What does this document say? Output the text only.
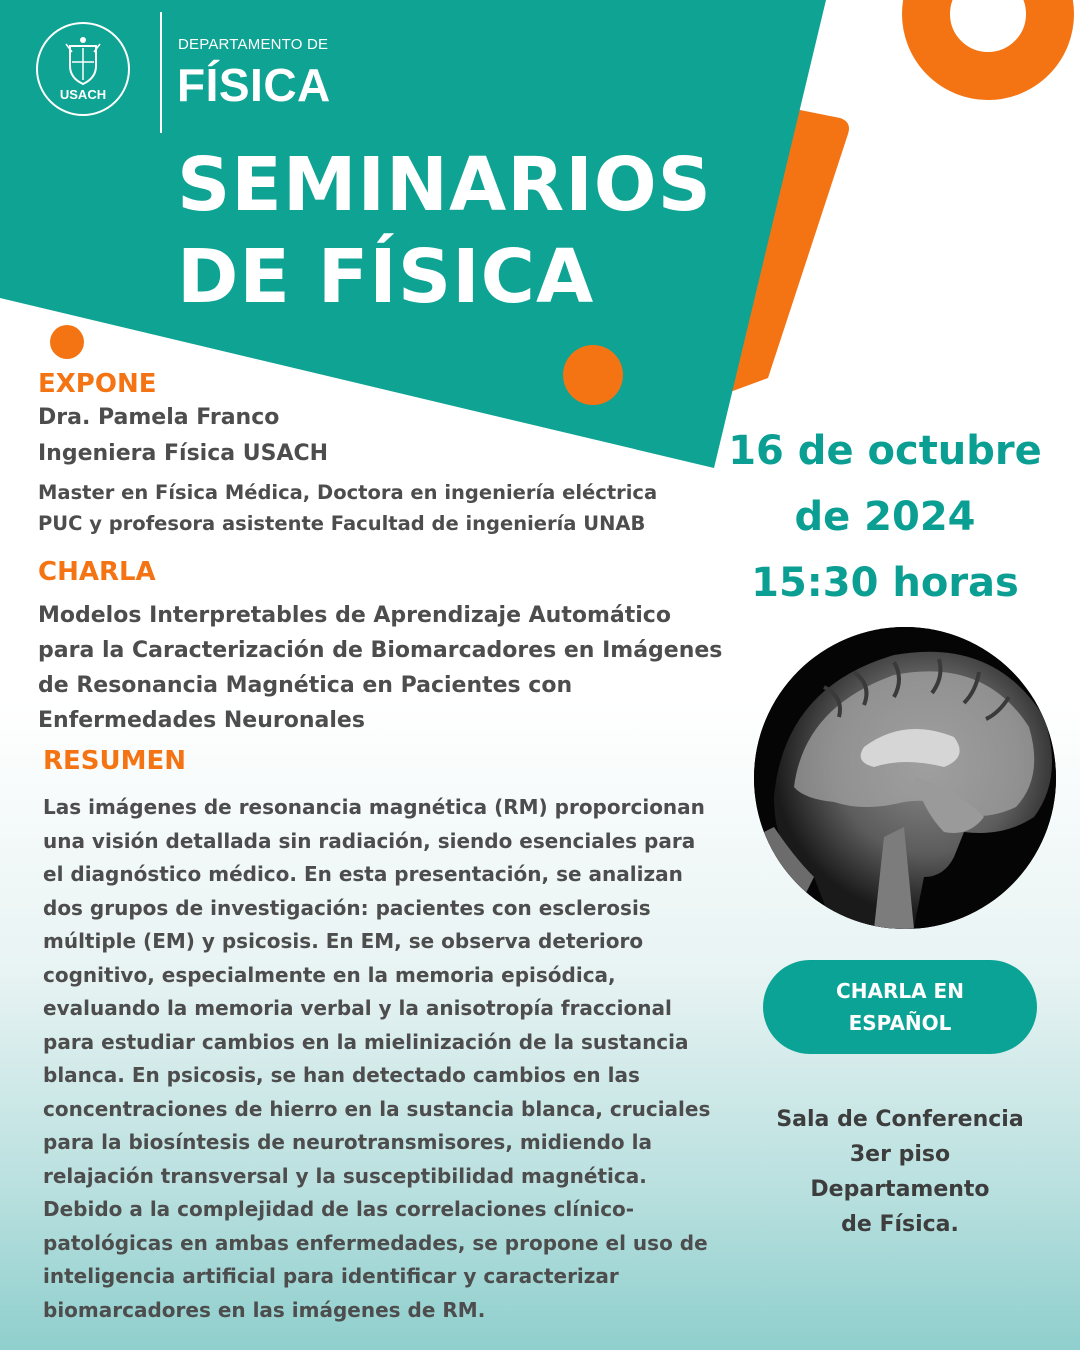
USACH
DEPARTAMENTO DE
FÍSICA
SEMINARIOS
DE FÍSICA
EXPONE
Dra. Pamela Franco
Ingeniera Física USACH
Master en Física Médica, Doctora en ingeniería eléctrica
PUC y profesora asistente Facultad de ingeniería UNAB
CHARLA
Modelos Interpretables de Aprendizaje Automático
para la Caracterización de Biomarcadores en Imágenes
de Resonancia Magnética en Pacientes con
Enfermedades Neuronales
RESUMEN
Las imágenes de resonancia magnética (RM) proporcionan
una visión detallada sin radiación, siendo esenciales para
el diagnóstico médico. En esta presentación, se analizan
dos grupos de investigación: pacientes con esclerosis
múltiple (EM) y psicosis. En EM, se observa deterioro
cognitivo, especialmente en la memoria episódica,
evaluando la memoria verbal y la anisotropía fraccional
para estudiar cambios en la mielinización de la sustancia
blanca. En psicosis, se han detectado cambios en las
concentraciones de hierro en la sustancia blanca, cruciales
para la biosíntesis de neurotransmisores, midiendo la
relajación transversal y la susceptibilidad magnética.
Debido a la complejidad de las correlaciones clínico-
patológicas en ambas enfermedades, se propone el uso de
inteligencia artificial para identificar y caracterizar
biomarcadores en las imágenes de RM.
16 de octubre
de 2024
15:30 horas
CHARLA EN
ESPAÑOL
Sala de Conferencia
3er piso
Departamento
de Física.
